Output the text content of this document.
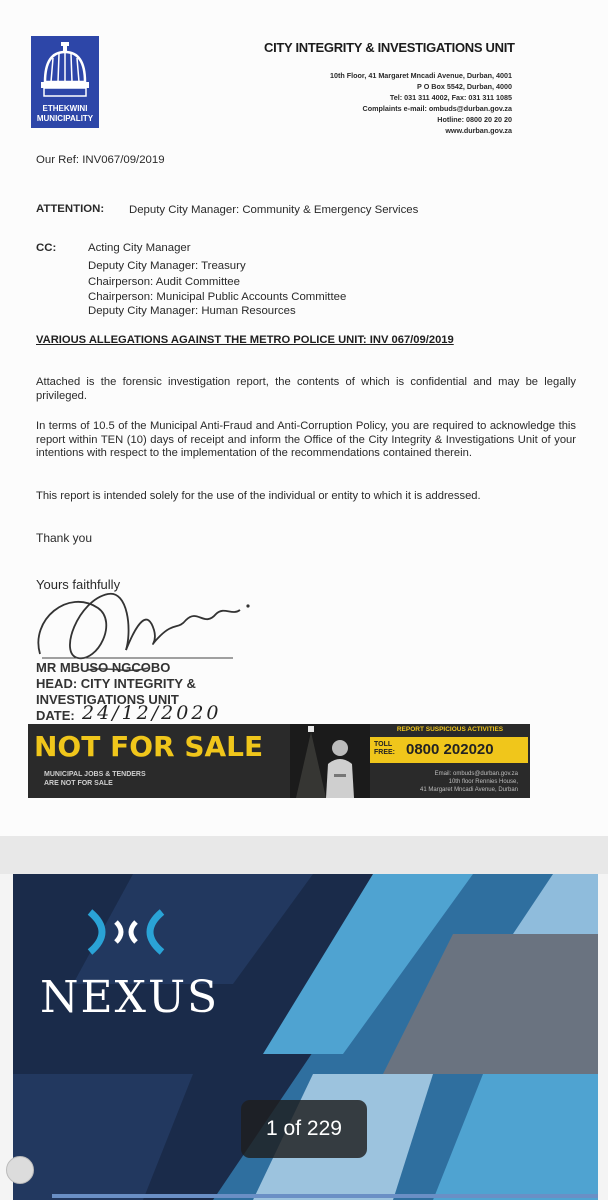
ETHEKWINI
MUNICIPALITY
CITY INTEGRITY & INVESTIGATIONS UNIT
10th Floor, 41 Margaret Mncadi Avenue, Durban, 4001
P O Box 5542, Durban, 4000
Tel: 031 311 4002, Fax: 031 311 1085
Complaints e-mail: ombuds@durban.gov.za
Hotline: 0800 20 20 20
www.durban.gov.za
Our Ref: INV067/09/2019
ATTENTION: Deputy City Manager: Community & Emergency Services
CC:	Acting City Manager
Deputy City Manager: Treasury
Chairperson: Audit Committee
Chairperson: Municipal Public Accounts Committee
Deputy City Manager: Human Resources
VARIOUS ALLEGATIONS AGAINST THE METRO POLICE UNIT: INV 067/09/2019
Attached is the forensic investigation report, the contents of which is confidential and may be legally privileged.
In terms of 10.5 of the Municipal Anti-Fraud and Anti-Corruption Policy, you are required to acknowledge this report within TEN (10) days of receipt and inform the Office of the City Integrity & Investigations Unit of your intentions with respect to the implementation of the recommendations contained therein.
This report is intended solely for the use of the individual or entity to which it is addressed.
Thank you
Yours faithfully
MR MBUSO NGCOBO
HEAD: CITY INTEGRITY &
INVESTIGATIONS UNIT
DATE: 24/12/2020
NOT FOR SALE
MUNICIPAL JOBS & TENDERS
ARE NOT FOR SALE
REPORT SUSPICIOUS ACTIVITIES
TOLL
FREE: 0800 202020
Email: ombuds@durban.gov.za
10th floor Rennies House,
41 Margaret Mncadi Avenue, Durban
NEXUS
1 of 229
